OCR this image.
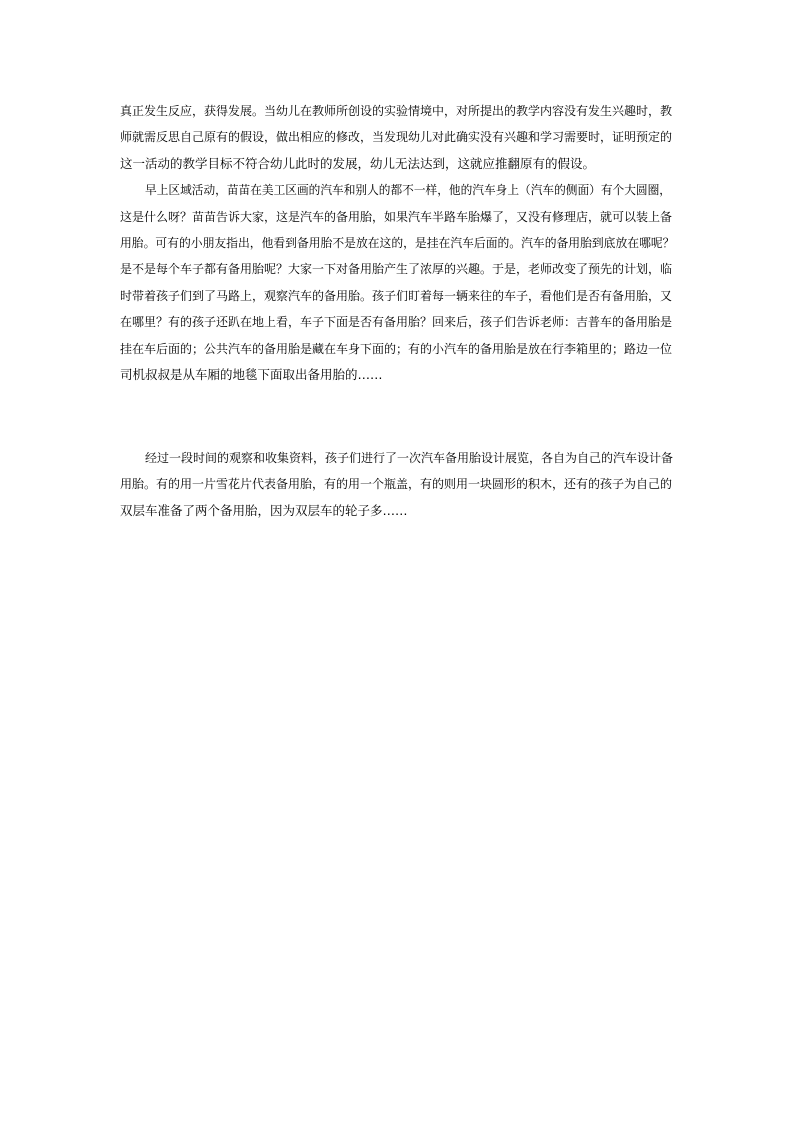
真正发生反应，获得发展。当幼儿在教师所创设的实验情境中，对所提出的教学内容没有发生兴趣时，教
师就需反思自己原有的假设，做出相应的修改，当发现幼儿对此确实没有兴趣和学习需要时，证明预定的
这一活动的教学目标不符合幼儿此时的发展，幼儿无法达到，这就应推翻原有的假设。
早上区域活动，苗苗在美工区画的汽车和别人的都不一样，他的汽车身上（汽车的侧面）有个大圆圈，
这是什么呀？苗苗告诉大家，这是汽车的备用胎，如果汽车半路车胎爆了，又没有修理店，就可以装上备
用胎。可有的小朋友指出，他看到备用胎不是放在这的，是挂在汽车后面的。汽车的备用胎到底放在哪呢？
是不是每个车子都有备用胎呢？大家一下对备用胎产生了浓厚的兴趣。于是，老师改变了预先的计划，临
时带着孩子们到了马路上，观察汽车的备用胎。孩子们盯着每一辆来往的车子，看他们是否有备用胎，又
在哪里？有的孩子还趴在地上看，车子下面是否有备用胎？回来后，孩子们告诉老师：吉普车的备用胎是
挂在车后面的；公共汽车的备用胎是藏在车身下面的；有的小汽车的备用胎是放在行李箱里的；路边一位
司机叔叔是从车厢的地毯下面取出备用胎的……
经过一段时间的观察和收集资料，孩子们进行了一次汽车备用胎设计展览，各自为自己的汽车设计备
用胎。有的用一片雪花片代表备用胎，有的用一个瓶盖，有的则用一块圆形的积木，还有的孩子为自己的
双层车准备了两个备用胎，因为双层车的轮子多……
